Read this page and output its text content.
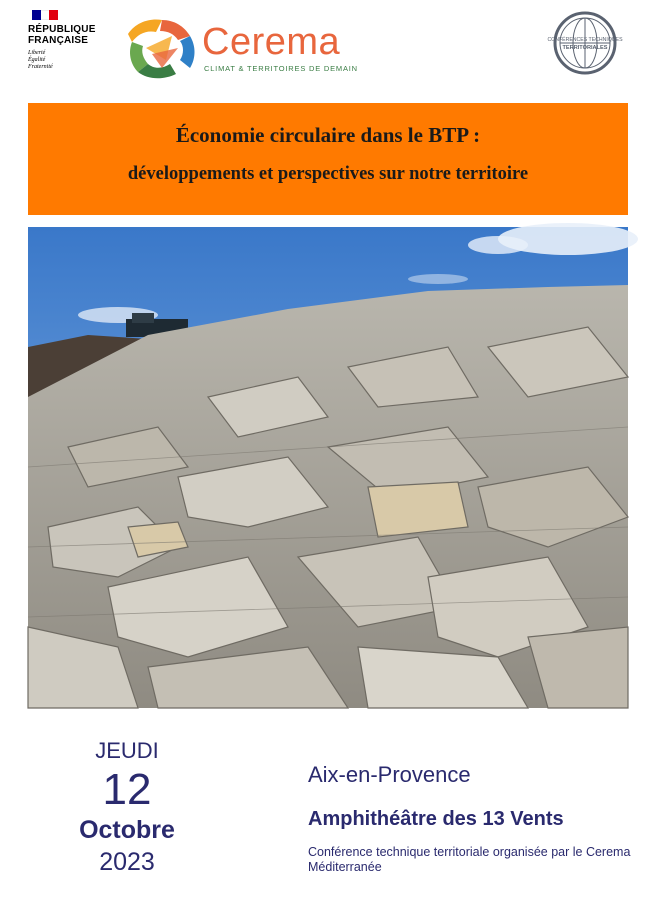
RÉPUBLIQUE
FRANÇAISE
Liberté
Égalité
Fraternité
Cerema
CLIMAT & TERRITOIRES DE DEMAIN
CONFÉRENCES TECHNIQUES
TERRITORIALES
Économie circulaire dans le BTP :
développements et perspectives sur notre territoire
JEUDI
12
Octobre
2023
Aix-en-Provence
Amphithéâtre des 13 Vents
Conférence technique territoriale organisée par le Cerema Méditerranée
